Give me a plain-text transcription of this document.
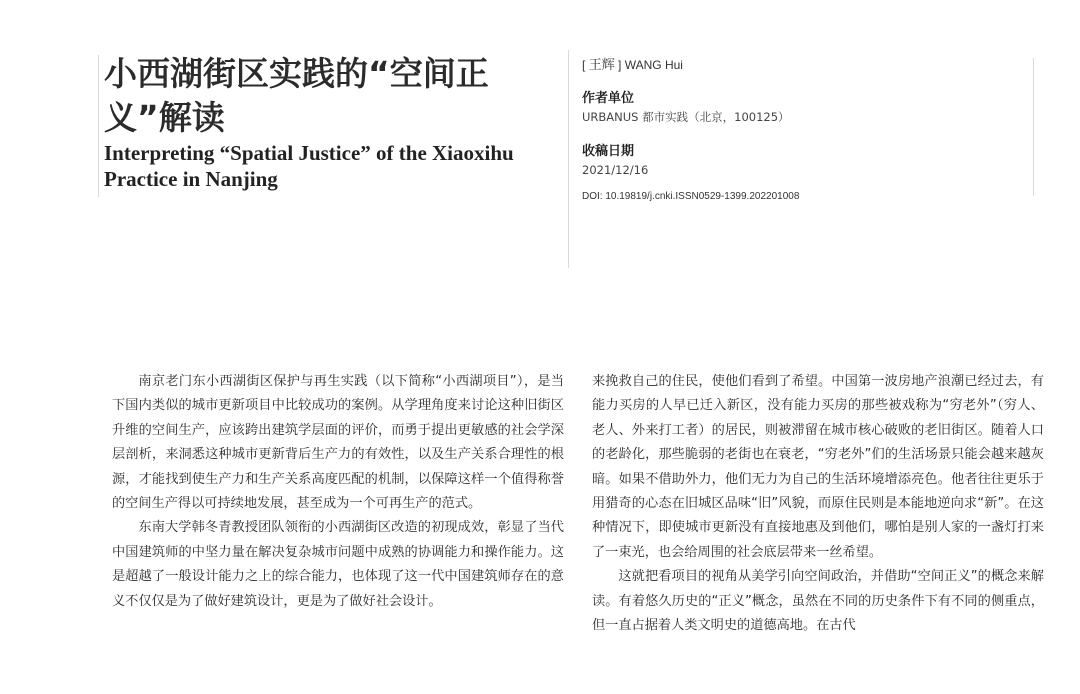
小西湖街区实践的“空间正义”解读
Interpreting “Spatial Justice” of the Xiaoxihu Practice in Nanjing
[ 王辉 ] WANG Hui
作者单位
URBANUS 都市实践（北京，100125）
收稿日期
2021/12/16
DOI: 10.19819/j.cnki.ISSN0529-1399.202201008

南京老门东小西湖街区保护与再生实践（以下简称“小西湖项目”），是当下国内类似的城市更新项目中比较成功的案例。从学理角度来讨论这种旧街区升维的空间生产，应该跨出建筑学层面的评价，而勇于提出更敏感的社会学深层剖析，来洞悉这种城市更新背后生产力的有效性，以及生产关系合理性的根源，才能找到使生产力和生产关系高度匹配的机制，以保障这样一个值得称誉的空间生产得以可持续地发展，甚至成为一个可再生产的范式。

东南大学韩冬青教授团队领衔的小西湖街区改造的初现成效，彰显了当代中国建筑师的中坚力量在解决复杂城市问题中成熟的协调能力和操作能力。这是超越了一般设计能力之上的综合能力，也体现了这一代中国建筑师存在的意义不仅仅是为了做好建筑设计，更是为了做好社会设计。

来挽救自己的住民，使他们看到了希望。中国第一波房地产浪潮已经过去，有能力买房的人早已迁入新区，没有能力买房的那些被戏称为“穷老外”（穷人、老人、外来打工者）的居民，则被滞留在城市核心破败的老旧街区。随着人口的老龄化，那些脆弱的老街也在衰老，“穷老外”们的生活场景只能会越来越灰暗。如果不借助外力，他们无力为自己的生活环境增添亮色。他者往往更乐于用猎奇的心态在旧城区品味“旧”风貌，而原住民则是本能地逆向求“新”。在这种情况下，即使城市更新没有直接地惠及到他们，哪怕是别人家的一盏灯打来了一束光，也会给周围的社会底层带来一丝希望。

这就把看项目的视角从美学引向空间政治，并借助“空间正义”的概念来解读。有着悠久历史的“正义”概念，虽然在不同的历史条件下有不同的侧重点，但一直占据着人类文明史的道德高地。在古代
